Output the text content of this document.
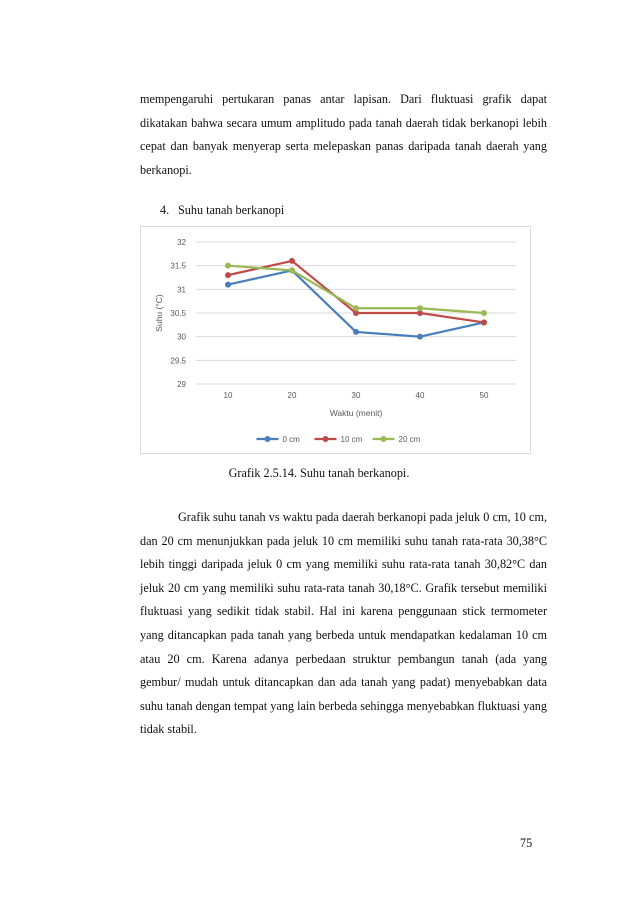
mempengaruhi pertukaran panas antar lapisan. Dari fluktuasi grafik dapat dikatakan bahwa secara umum amplitudo pada tanah daerah tidak berkanopi lebih cepat dan banyak menyerap serta melepaskan panas daripada tanah daerah yang berkanopi.

4. Suhu tanah berkanopi
29
29.5
30
30.5
31
31.5
32
10	20	30	40	50
Waktu (menit)
Suhu (°C)
0 cm	10 cm	20 cm
Grafik 2.5.14. Suhu tanah berkanopi.

Grafik suhu tanah vs waktu pada daerah berkanopi pada jeluk 0 cm, 10 cm, dan 20 cm menunjukkan pada jeluk 10 cm memiliki suhu tanah rata-rata 30,38°C lebih tinggi daripada jeluk 0 cm yang memiliki suhu rata-rata tanah 30,82°C dan jeluk 20 cm yang memiliki suhu rata-rata tanah 30,18°C. Grafik tersebut memiliki fluktuasi yang sedikit tidak stabil. Hal ini karena penggunaan stick termometer yang ditancapkan pada tanah yang berbeda untuk mendapatkan kedalaman 10 cm atau 20 cm. Karena adanya perbedaan struktur pembangun tanah (ada yang gembur/ mudah untuk ditancapkan dan ada tanah yang padat) menyebabkan data suhu tanah dengan tempat yang lain berbeda sehingga menyebabkan fluktuasi yang tidak stabil.

75
